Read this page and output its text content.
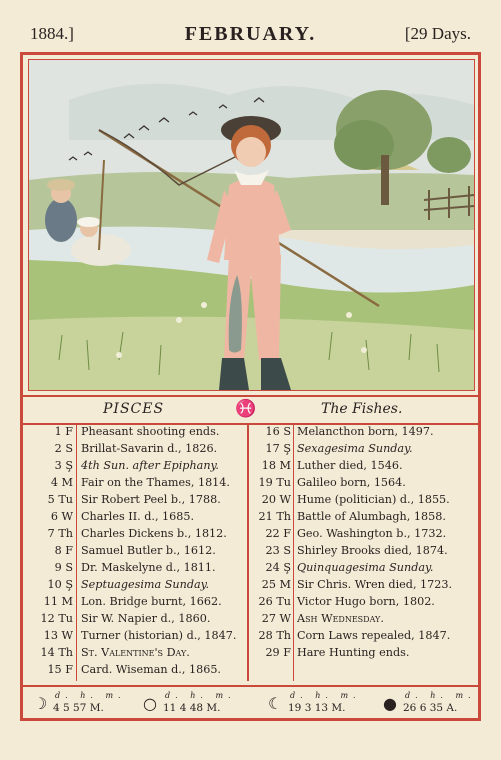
1884.]	FEBRUARY.	[29 Days.
PISCES	♓	The Fishes.
1 F Pheasant shooting ends.
2 S Brillat-Savarin d., 1826.
3 Ş 4th Sun. after Epiphany.
4 M Fair on the Thames, 1814.
5 Tu Sir Robert Peel b., 1788.
6 W Charles II. d., 1685.
7 Th Charles Dickens b., 1812.
8 F Samuel Butler b., 1612.
9 S Dr. Maskelyne d., 1811.
10 Ş Septuagesima Sunday.
11 M Lon. Bridge burnt, 1662.
12 Tu Sir W. Napier d., 1860.
13 W Turner (historian) d., 1847.
14 Th St. Valentine's Day.
15 F Card. Wiseman d., 1865.
16 S Melancthon born, 1497.
17 Ş Sexagesima Sunday.
18 M Luther died, 1546.
19 Tu Galileo born, 1564.
20 W Hume (politician) d., 1855.
21 Th Battle of Alumbagh, 1858.
22 F Geo. Washington b., 1732.
23 S Shirley Brooks died, 1874.
24 Ş Quinquagesima Sunday.
25 M Sir Chris. Wren died, 1723.
26 Tu Victor Hugo born, 1802.
27 W Ash Wednesday.
28 Th Corn Laws repealed, 1847.
29 F Hare Hunting ends.
☽ d. h. m.
4 5 57 M. ○ d. h. m.
11 4 48 M.	☾ d. h. m.
19 3 13 M. ● d. h. m.
26 6 35 A.
